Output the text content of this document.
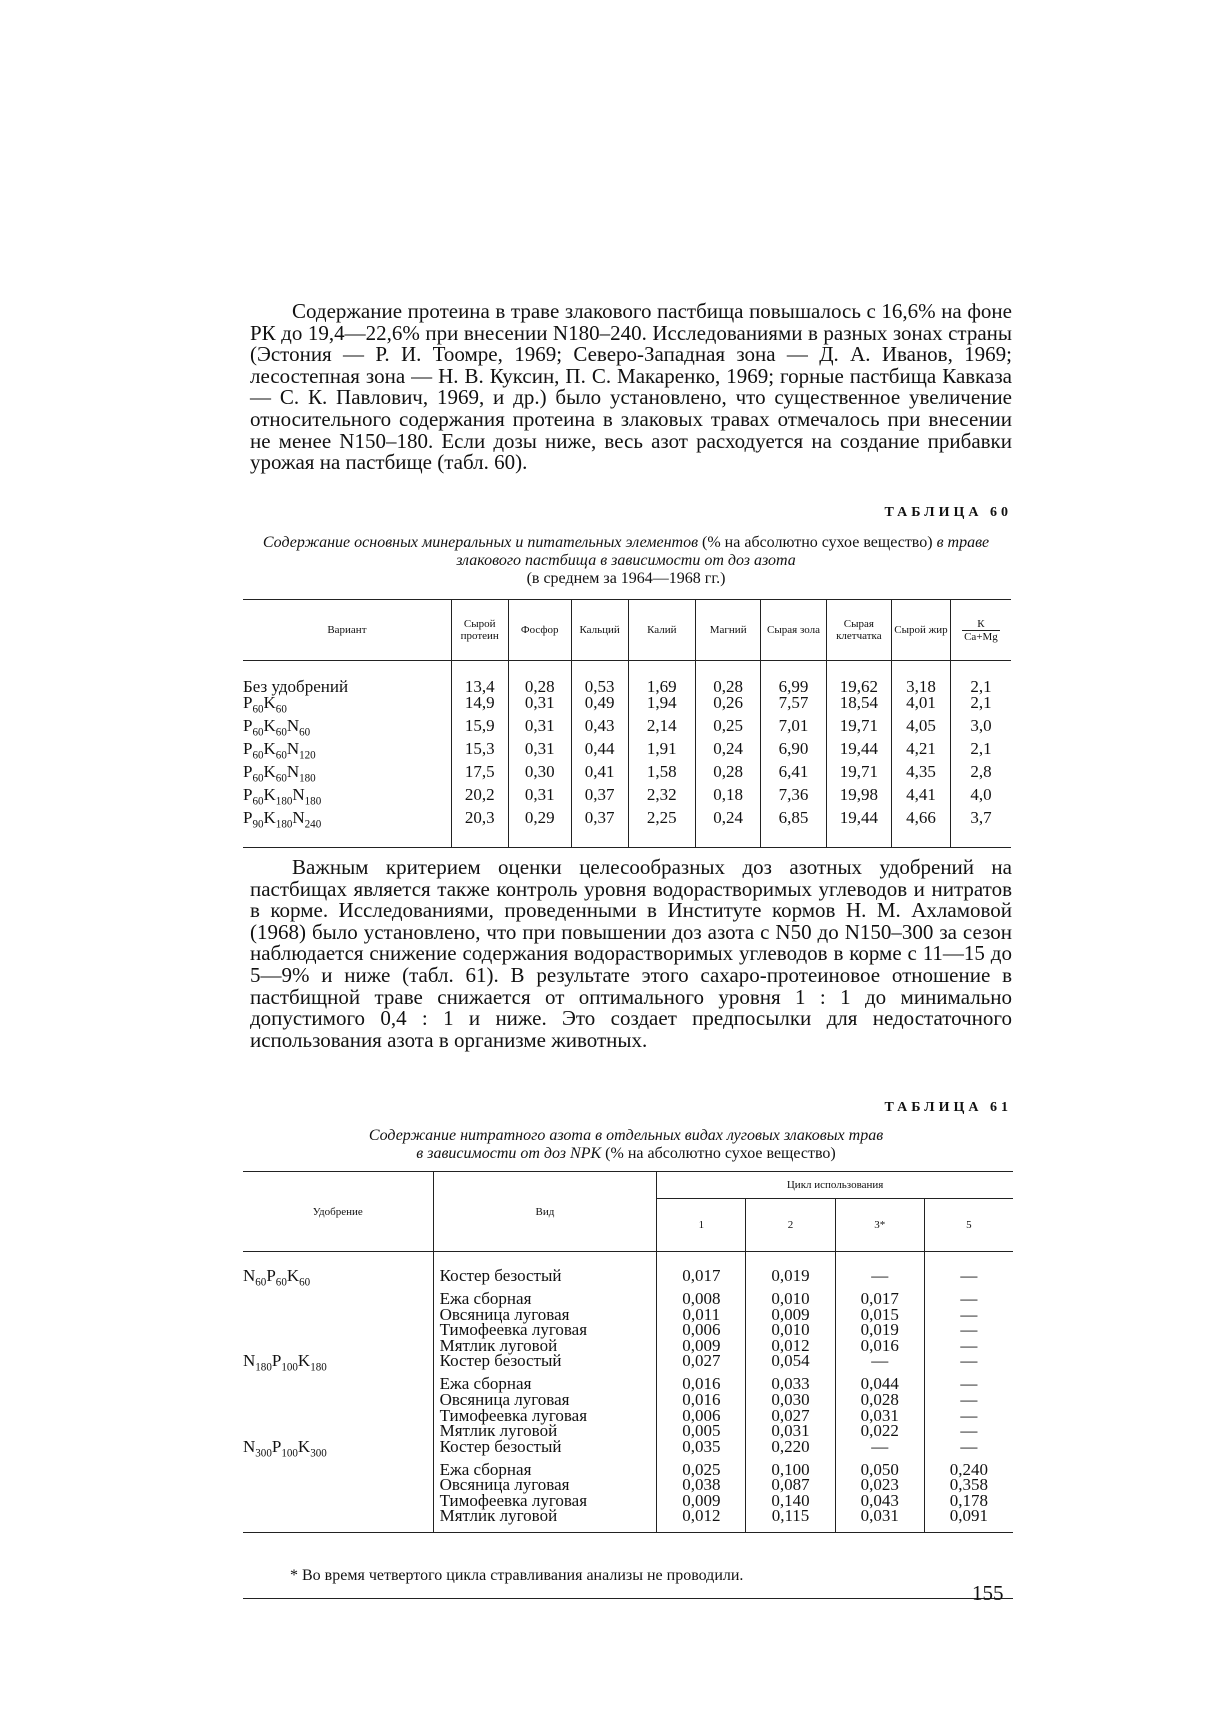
Содержание протеина в траве злакового пастбища повышалось с 16,6% на фоне РК до 19,4—22,6% при внесении N180–240. Исследованиями в разных зонах страны (Эстония — Р. И. Тоомре, 1969; Северо-Западная зона — Д. А. Иванов, 1969; лесостепная зона — Н. В. Куксин, П. С. Макаренко, 1969; горные пастбища Кавказа — С. К. Павлович, 1969, и др.) было установлено, что существенное увеличение относительного содержания протеина в злаковых травах отмечалось при внесении не менее N150–180. Если дозы ниже, весь азот расходуется на создание прибавки урожая на пастбище (табл. 60).

ТАБЛИЦА 60
Содержание основных минеральных и питательных элементов (% на абсолютно сухое вещество) в траве злакового пастбища в зависимости от доз азота
(в среднем за 1964—1968 гг.)
Вариант	Сырой протеин	Фосфор	Кальций	Калий	Магний	Сырая зола	Сырая клетчатка	Сырой жир	$\frac{К}{Ca+Mg}$

Без удобрений	13,4	0,28	0,53	1,69	0,28	6,99	19,62	3,18	2,1
$P_{60}K_{60}$	14,9	0,31	0,49	1,94	0,26	7,57	18,54	4,01	2,1
$P_{60}K_{60}N_{60}$	15,9	0,31	0,43	2,14	0,25	7,01	19,71	4,05	3,0
$P_{60}K_{60}N_{120}$	15,3	0,31	0,44	1,91	0,24	6,90	19,44	4,21	2,1
$P_{60}K_{60}N_{180}$	17,5	0,30	0,41	1,58	0,28	6,41	19,71	4,35	2,8
$P_{60}K_{180}N_{180}$	20,2	0,31	0,37	2,32	0,18	7,36	19,98	4,41	4,0
$P_{90}K_{180}N_{240}$	20,3	0,29	0,37	2,25	0,24	6,85	19,44	4,66	3,7

Важным критерием оценки целесообразных доз азотных удобрений на пастбищах является также контроль уровня водорастворимых углеводов и нитратов в корме. Исследованиями, проведенными в Институте кормов Н. М. Ахламовой (1968) было установлено, что при повышении доз азота с N50 до N150–300 за сезон наблюдается снижение содержания водорастворимых углеводов в корме с 11—15 до 5—9% и ниже (табл. 61). В результате этого сахаро-протеиновое отношение в пастбищной траве снижается от оптимального уровня 1 : 1 до минимально допустимого 0,4 : 1 и ниже. Это создает предпосылки для недостаточного использования азота в организме животных.

ТАБЛИЦА 61
Содержание нитратного азота в отдельных видах луговых злаковых трав
в зависимости от доз NPK (% на абсолютно сухое вещество)
Удобрение	Вид	Цикл использования			
		1	2	3*	5
$N_{60}P_{60}K_{60}$	Костер безостый	0,017	0,019	—	—
	Ежа сборная	0,008	0,010	0,017	—
	Овсяница луговая	0,011	0,009	0,015	—
	Тимофеевка луговая	0,006	0,010	0,019	—
	Мятлик луговой	0,009	0,012	0,016	—
$N_{180}P_{100}K_{180}$	Костер безостый	0,027	0,054	—	—
	Ежа сборная	0,016	0,033	0,044	—
	Овсяница луговая	0,016	0,030	0,028	—
	Тимофеевка луговая	0,006	0,027	0,031	—
	Мятлик луговой	0,005	0,031	0,022	—
$N_{300}P_{100}K_{300}$	Костер безостый	0,035	0,220	—	—
	Ежа сборная	0,025	0,100	0,050	0,240
	Овсяница луговая	0,038	0,087	0,023	0,358
	Тимофеевка луговая	0,009	0,140	0,043	0,178
	Мятлик луговой	0,012	0,115	0,031	0,091
* Во время четвертого цикла стравливания анализы не проводили.
155
